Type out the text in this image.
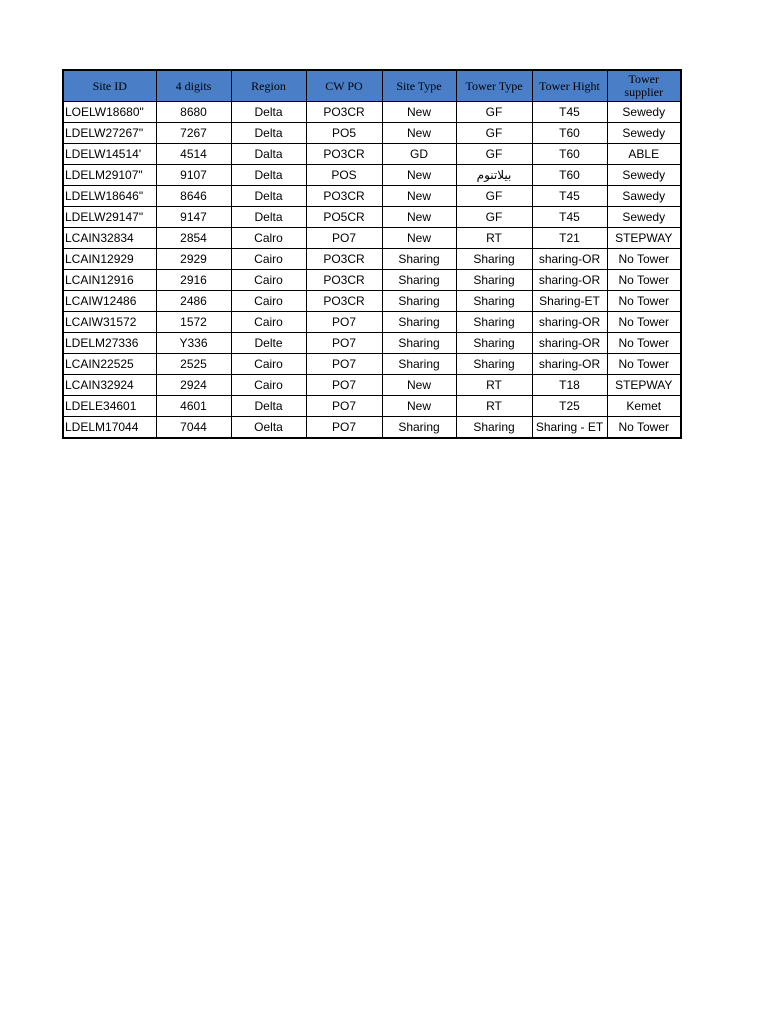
Site ID	4 digits	Region	CW PO	Site Type	Tower Type	Tower Hight	Tower supplier
LOELW18680"	8680	Delta	PO3CR	New	GF	T45	Sewedy
LDELW27267"	7267	Delta	PO5	New	GF	T60	Sewedy
LDELW14514'	4514	Dalta	PO3CR	GD	GF	T60	ABLE
LDELM29107"	9107	Delta	POS	New	بيلاتنوم	T60	Sewedy
LDELW18646"	8646	Delta	PO3CR	New	GF	T45	Sawedy
LDELW29147"	9147	Delta	PO5CR	New	GF	T45	Sewedy
LCAIN32834	2854	Calro	PO7	New	RT	T21	STEPWAY
LCAIN12929	2929	Cairo	PO3CR	Sharing	Sharing	sharing-OR	No Tower
LCAIN12916	2916	Cairo	PO3CR	Sharing	Sharing	sharing-OR	No Tower
LCAIW12486	2486	Cairo	PO3CR	Sharing	Sharing	Sharing-ET	No Tower
LCAIW31572	1572	Cairo	PO7	Sharing	Sharing	sharing-OR	No Tower
LDELM27336	Y336	Delte	PO7	Sharing	Sharing	sharing-OR	No Tower
LCAIN22525	2525	Cairo	PO7	Sharing	Sharing	sharing-OR	No Tower
LCAIN32924	2924	Cairo	PO7	New	RT	T18	STEPWAY
LDELE34601	4601	Delta	PO7	New	RT	T25	Kemet
LDELM17044	7044	Oelta	PO7	Sharing	Sharing	Sharing - ET	No Tower
